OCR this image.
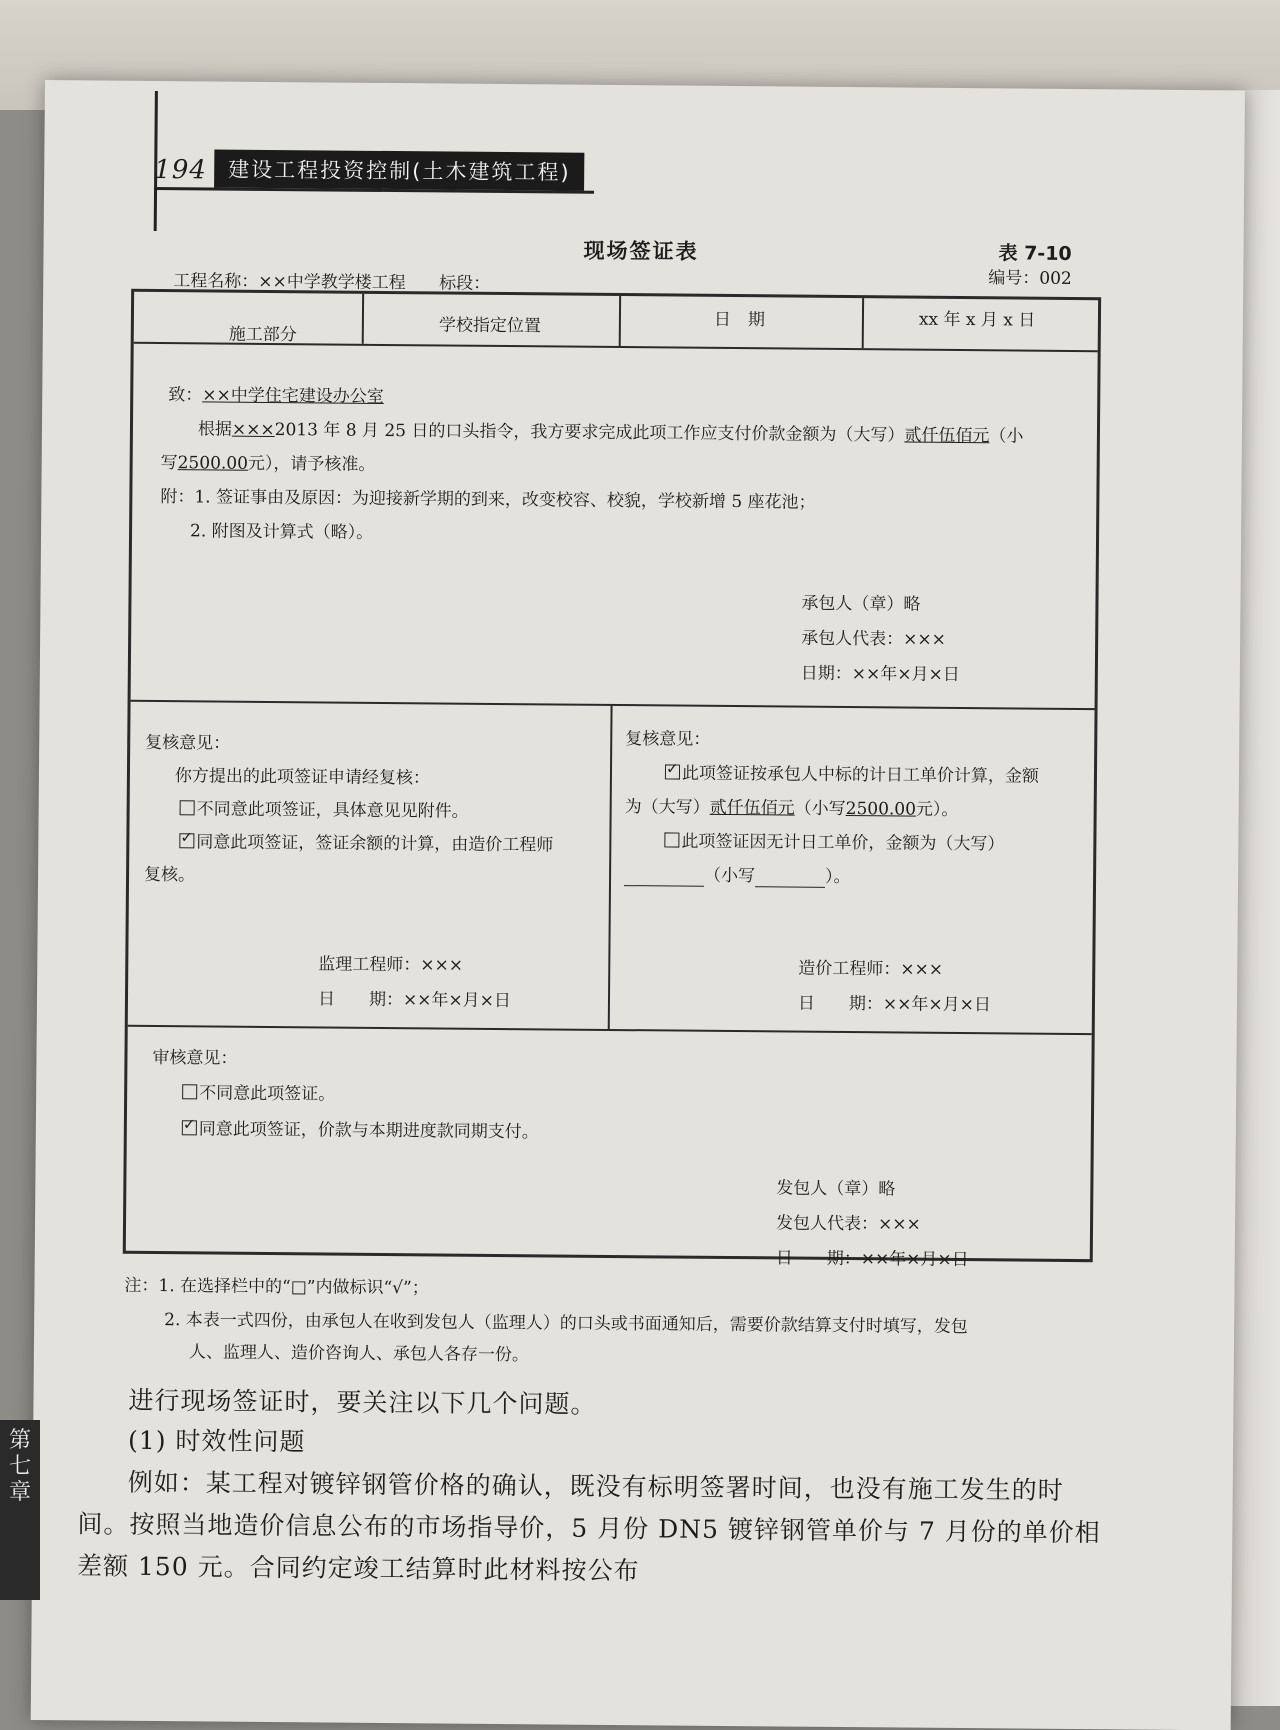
194	建设工程投资控制(土木建筑工程)
现场签证表	表 7-10
编号：002
工程名称：××中学教学楼工程 标段：
施工部分	学校指定位置	日　期	xx 年 x 月 x 日
致：××中学住宅建设办公室
根据×××2013 年 8 月 25 日的口头指令，我方要求完成此项工作应支付价款金额为（大写）贰仟伍佰元（小
写2500.00元），请予核准。
附：1. 签证事由及原因：为迎接新学期的到来，改变校容、校貌，学校新增 5 座花池；
2. 附图及计算式（略）。
承包人（章）略
承包人代表：×××
日期：××年×月×日
复核意见：
你方提出的此项签证申请经复核：
不同意此项签证，具体意见见附件。
✓同意此项签证，签证余额的计算，由造价工程师
复核。
监理工程师：×××
日　　期：××年×月×日
复核意见：
✓此项签证按承包人中标的计日工单价计算，金额
为（大写）贰仟伍佰元（小写2500.00元）。
此项签证因无计日工单价，金额为（大写）
（小写	）。
造价工程师：×××
日　　期：××年×月×日
审核意见：
不同意此项签证。
✓同意此项签证，价款与本期进度款同期支付。
发包人（章）略
发包人代表：×××
日　　期：××年×月×日
注：1. 在选择栏中的“□”内做标识“√”；
2. 本表一式四份，由承包人在收到发包人（监理人）的口头或书面通知后，需要价款结算支付时填写，发包
人、监理人、造价咨询人、承包人各存一份。
进行现场签证时，要关注以下几个问题。
(1) 时效性问题
例如：某工程对镀锌钢管价格的确认，既没有标明签署时间，也没有施工发生的时
间。按照当地造价信息公布的市场指导价，5 月份 DN5 镀锌钢管单价与 7 月份的单价相
差额 150 元。合同约定竣工结算时此材料按公布
第七章
